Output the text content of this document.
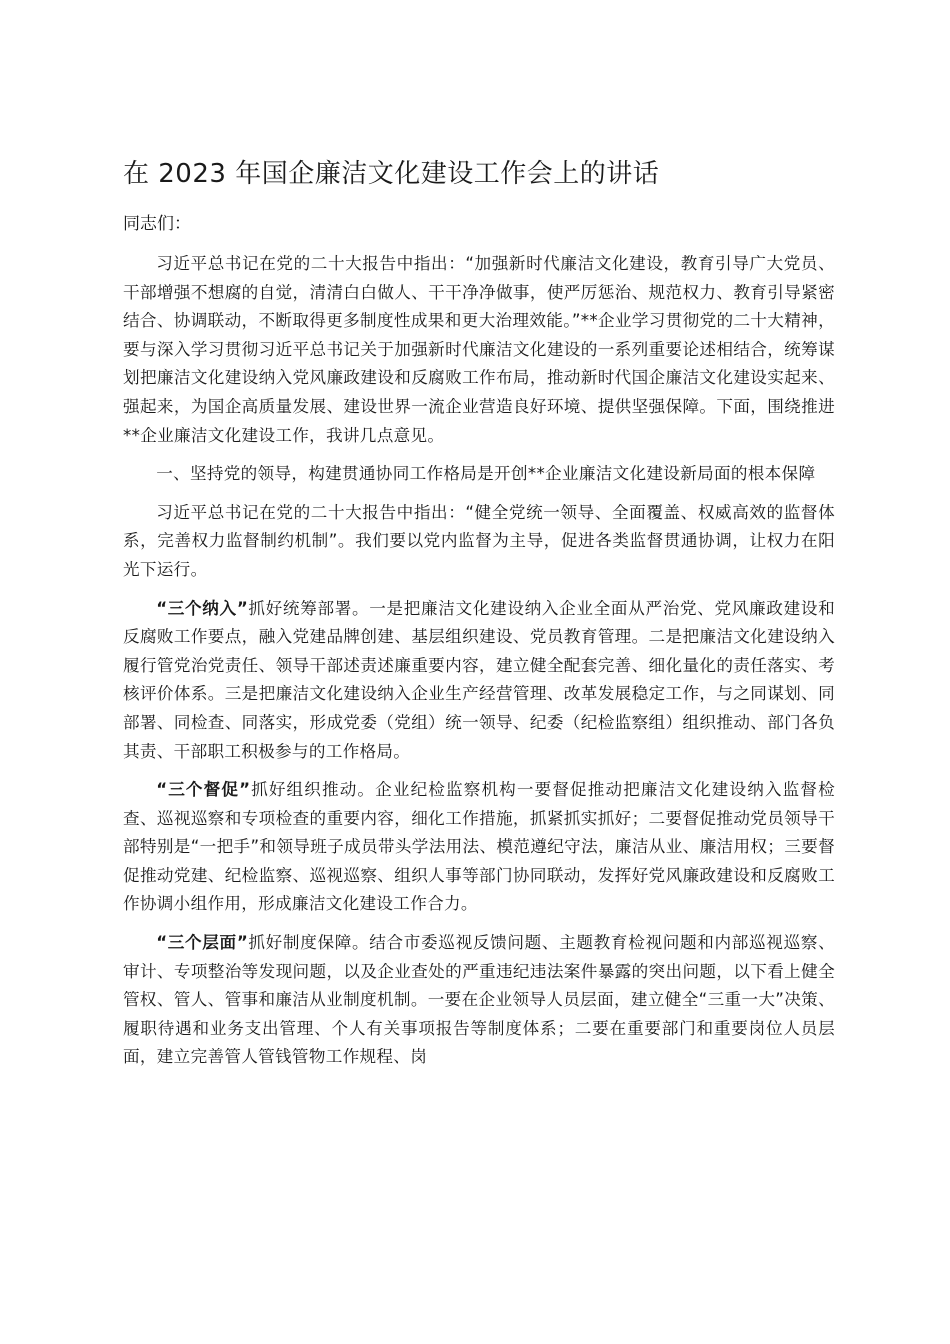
在 2023 年国企廉洁文化建设工作会上的讲话

同志们：

习近平总书记在党的二十大报告中指出：“加强新时代廉洁文化建设，教育引导广大党员、干部增强不想腐的自觉，清清白白做人、干干净净做事，使严厉惩治、规范权力、教育引导紧密结合、协调联动，不断取得更多制度性成果和更大治理效能。”**企业学习贯彻党的二十大精神，要与深入学习贯彻习近平总书记关于加强新时代廉洁文化建设的一系列重要论述相结合，统筹谋划把廉洁文化建设纳入党风廉政建设和反腐败工作布局，推动新时代国企廉洁文化建设实起来、强起来，为国企高质量发展、建设世界一流企业营造良好环境、提供坚强保障。下面，围绕推进**企业廉洁文化建设工作，我讲几点意见。

一、坚持党的领导，构建贯通协同工作格局是开创**企业廉洁文化建设新局面的根本保障

习近平总书记在党的二十大报告中指出：“健全党统一领导、全面覆盖、权威高效的监督体系，完善权力监督制约机制”。我们要以党内监督为主导，促进各类监督贯通协调，让权力在阳光下运行。

“三个纳入”抓好统筹部署。一是把廉洁文化建设纳入企业全面从严治党、党风廉政建设和反腐败工作要点，融入党建品牌创建、基层组织建设、党员教育管理。二是把廉洁文化建设纳入履行管党治党责任、领导干部述责述廉重要内容，建立健全配套完善、细化量化的责任落实、考核评价体系。三是把廉洁文化建设纳入企业生产经营管理、改革发展稳定工作，与之同谋划、同部署、同检查、同落实，形成党委（党组）统一领导、纪委（纪检监察组）组织推动、部门各负其责、干部职工积极参与的工作格局。

“三个督促”抓好组织推动。企业纪检监察机构一要督促推动把廉洁文化建设纳入监督检查、巡视巡察和专项检查的重要内容，细化工作措施，抓紧抓实抓好；二要督促推动党员领导干部特别是“一把手”和领导班子成员带头学法用法、模范遵纪守法，廉洁从业、廉洁用权；三要督促推动党建、纪检监察、巡视巡察、组织人事等部门协同联动，发挥好党风廉政建设和反腐败工作协调小组作用，形成廉洁文化建设工作合力。

“三个层面”抓好制度保障。结合市委巡视反馈问题、主题教育检视问题和内部巡视巡察、审计、专项整治等发现问题，以及企业查处的严重违纪违法案件暴露的突出问题，以下看上健全管权、管人、管事和廉洁从业制度机制。一要在企业领导人员层面，建立健全“三重一大”决策、履职待遇和业务支出管理、个人有关事项报告等制度体系；二要在重要部门和重要岗位人员层面，建立完善管人管钱管物工作规程、岗
